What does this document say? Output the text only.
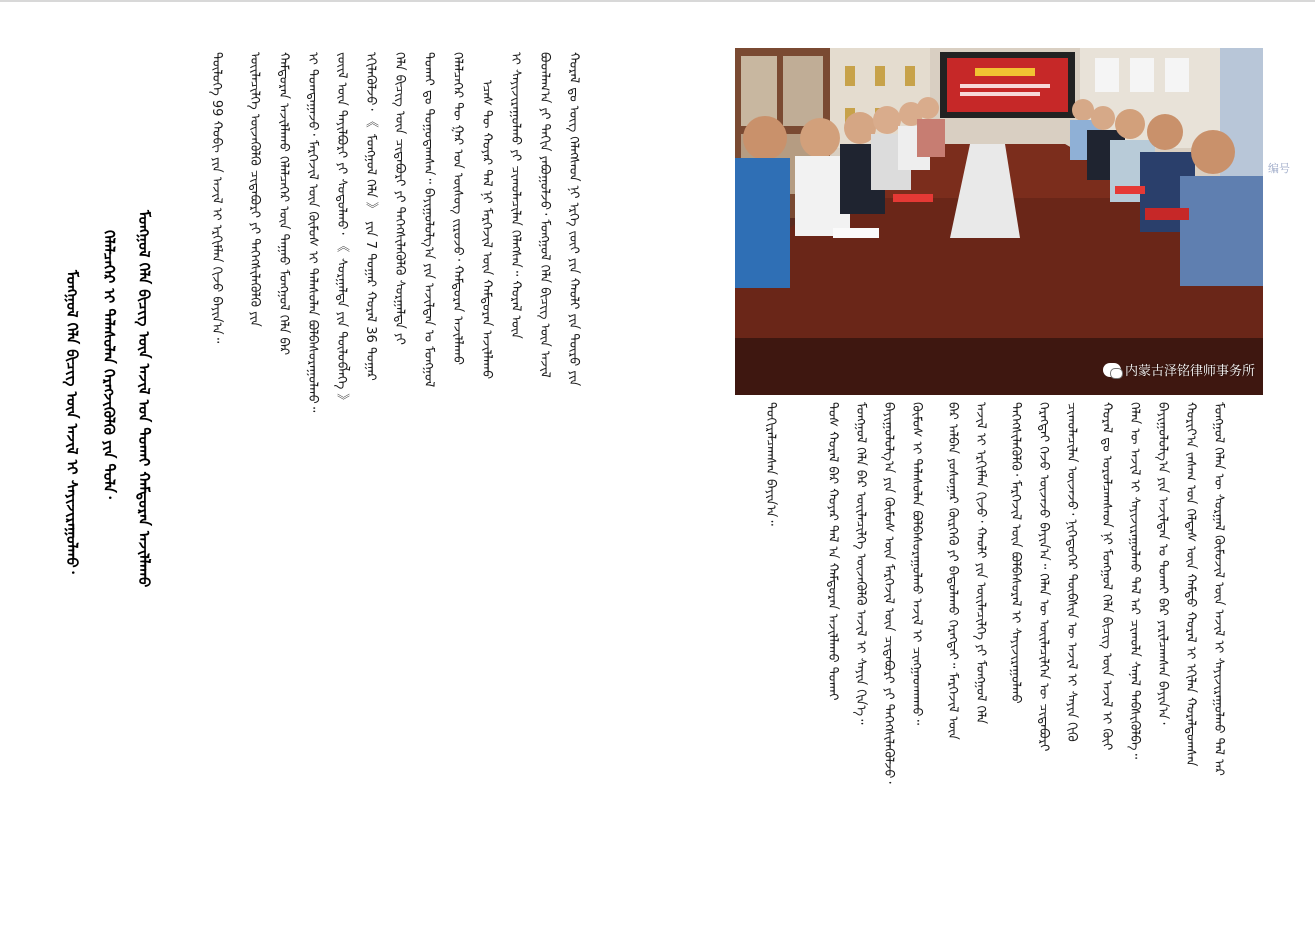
ᠬᠤᠷᠠᠯ ᠳᠤ ᠦᠭ ᠬᠡᠯᠡᠭᠰᠡᠳ ᠨᠢ ᠡᠷᠬᠡ ᠵᠦᠢ ᠶᠢᠨ ᠬᠠᠤᠯᠢ ᠶᠢᠨ ᠲᠦᠷᠦ ᠶᠢᠨ
ᠪᠣᠳᠯᠠᠭ᠎ᠠ ᠶᠢ ᠲᠡᠬᠢᠨ ᠶᠠᠪᠤᠭᠤᠯᠵᠤ᠂ ᠮᠣᠩᠭᠣᠯ ᠬᠡᠯᠡ ᠪᠢᠴᠢᠭ ᠦᠨ ᠠᠵᠢᠯ
ᠢ ᠰᠠᠶᠢᠵᠢᠷᠠᠭᠤᠯᠬᠤ ᠶᠢ ᠴᠢᠬᠤᠯᠠᠴᠢᠯᠠᠨ ᠬᠡᠯᠡᠭᠰᠡᠨ᠃ ᠬᠤᠷᠠᠯ ᠦᠨ
ᠡᠴᠡᠰ ᠲᠦ ᠬᠣᠶᠠᠷ ᠲᠠᠯ ᠨᠢ ᠮᠡᠷᠭᠡᠵᠢᠯ ᠦᠨ ᠬᠠᠮᠲᠤᠷᠠᠨ ᠠᠵᠢᠯᠯᠠᠬᠤ
ᠬᠡᠯᠡᠯᠴᠡᠭᠡᠷ ᠲᠦ ᠭᠠᠷ ᠤᠨ ᠦᠰᠦᠭ ᠵᠢᠷᠤᠵᠤ᠂ ᠬᠠᠮᠲᠤᠷᠠᠨ ᠠᠵᠢᠯᠯᠠᠬᠤ
ᠲᠤᠬᠠᠢ ᠳᠤ ᠳᠤᠭᠤᠳᠠᠭᠰᠠᠨ᠃ ᠪᠠᠶᠢᠭᠤᠯᠤᠯᠭ᠎ᠠ ᠶᠢᠨ ᠠᠵᠢᠯᠲᠠᠨ ᠤ ᠮᠣᠩᠭᠣᠯ
ᠬᠡᠯᠡ ᠪᠢᠴᠢᠭ ᠦᠨ ᠴᠢᠳᠠᠪᠦᠷᠢ ᠶᠢ ᠳᠡᠭᠡᠭᠰᠢᠯᠡᠭᠦᠯᠬᠦ ᠰᠤᠷᠭᠠᠯᠲᠠ ᠶᠢ
ᠡᠬᠢᠯᠡᠭᠦᠯᠵᠦ᠂ 《 ᠮᠣᠩᠭᠣᠯ ᠬᠡᠯᠡ 》 ᠶᠢᠨ 7 ᠳᠤᠭᠠᠷ ᠬᠤᠷᠠᠯ 36 ᠳᠤᠭᠠᠷ
ᠵᠦᠢᠯ ᠦᠨ ᠲᠠᠶᠢᠯᠪᠤᠷᠢ ᠶᠢ ᠰᠤᠳᠤᠯᠬᠤ᠂ 《 ᠰᠤᠷᠭᠠᠯᠲᠠ ᠶᠢᠨ ᠲᠥᠯᠥᠪᠯᠡᠭᠡ 》
ᠢ ᠲᠣᠭᠲᠠᠭᠠᠵᠤ᠂ ᠮᠡᠷᠭᠡᠵᠢᠯ ᠦᠨ ᠬᠦᠮᠦᠰ ᠢ ᠲᠠᠯᠠᠰᠤᠯᠠᠨ ᠪᠣᠯᠪᠠᠰᠤᠷᠠᠭᠤᠯᠬᠤ᠃
ᠬᠠᠮᠲᠤᠷᠠᠨ ᠠᠵᠢᠯᠯᠠᠬᠤ ᠬᠡᠯᠡᠯᠴᠡᠭᠡᠷ ᠦᠨ ᠳᠠᠭᠠᠤ ᠮᠣᠩᠭᠣᠯ ᠬᠡᠯᠡ ᠪᠡᠷ
ᠦᠢᠯᠡᠴᠢᠯᠭᠡ ᠦᠵᠡᠭᠦᠯᠬᠦ ᠴᠢᠳᠠᠪᠦᠷᠢ ᠶᠢ ᠳᠡᠭᠡᠭᠰᠢᠯᠡᠭᠦᠯᠬᠦ ᠶᠢᠨ
ᠲᠥᠯᠥᠭᠡ 99 ᠬᠤᠪᠢ ᠶᠢᠨ ᠠᠵᠢᠯ ᠢ ᠡᠷᠬᠢᠮᠯᠡᠨ ᠬᠢᠵᠦ ᠪᠠᠶᠢᠨ᠎ᠠ᠃
ᠮᠣᠩᠭᠣᠯ ᠬᠡᠯᠡ ᠪᠢᠴᠢᠭ ᠦᠨ ᠠᠵᠢᠯ ᠤᠨ ᠲᠤᠬᠠᠢ ᠬᠠᠮᠲᠤᠷᠠᠨ ᠠᠵᠢᠯᠯᠠᠬᠤ
ᠬᠡᠯᠡᠯᠴᠡᠭᠡᠷ ᠢ ᠲᠠᠯᠠᠰᠤᠯᠠᠨ ᠬᠡᠷᠡᠭᠵᠢᠭᠦᠯᠬᠦ ᠶᠢᠨ ᠲᠤᠯᠠ᠂
ᠮᠣᠩᠭᠣᠯ ᠬᠡᠯᠡ ᠪᠢᠴᠢᠭ ᠦᠨ ᠠᠵᠢᠯ ᠢ ᠰᠠᠶᠢᠵᠢᠷᠠᠭᠤᠯᠬᠤ᠂	内蒙古泽铭律师事务所
编号
ᠮᠣᠩᠭᠣᠯ ᠬᠡᠯᠡᠨ ᠦ ᠰᠤᠷᠭᠠᠯ ᠬᠦᠮᠦᠵᠢᠯ ᠦᠨ ᠠᠵᠢᠯ ᠢ ᠰᠠᠶᠢᠵᠢᠷᠠᠭᠤᠯᠬᠤ ᠲᠠᠯ ᠠᠷ
ᠬᠣᠷᠢᠶ᠎ᠠ ᠵᠠᠰᠠᠭ ᠤᠨ ᠬᠡᠯᠲᠡᠰ ᠦᠨ ᠬᠠᠮᠲᠤ ᠬᠤᠷᠠᠯ ᠢ ᠡᠬᠢᠯᠡᠨ ᠬᠤᠷᠠᠯᠳᠤᠭᠰᠠᠨ
ᠪᠠᠶᠢᠭᠤᠯᠤᠯᠭ᠎ᠠ ᠶᠢᠨ ᠠᠵᠢᠯᠲᠠᠨ ᠤ ᠲᠤᠬᠠᠢ ᠪᠠᠷ ᠶᠠᠷᠢᠯᠴᠠᠭᠰᠠᠨ ᠪᠠᠶᠢᠨ᠎ᠠ᠂
ᠬᠡᠯᠡᠨ ᠦ ᠠᠵᠢᠯ ᠢ ᠰᠠᠶᠢᠵᠢᠷᠠᠭᠤᠯᠬᠤ ᠲᠠᠯ ᠠᠷ ᠴᠢᠬᠤᠯᠠ ᠰᠠᠨᠠᠯ ᠳᠡᠪᠰᠢᠭᠦᠯᠪᠡ᠃
ᠬᠤᠷᠠᠯ ᠳᠤ ᠣᠷᠤᠯᠴᠠᠭᠰᠠᠳ ᠨᠢ ᠮᠣᠩᠭᠣᠯ ᠬᠡᠯᠡ ᠪᠢᠴᠢᠭ ᠦᠨ ᠠᠵᠢᠯ ᠢ ᠬᠦᠢ
ᠴᠢᠬᠤᠯᠠᠴᠢᠯᠠᠨ ᠦᠵᠡᠵᠦ᠂ ᠨᠢᠭᠡᠳᠦᠭᠡᠷ ᠲᠦᠪᠰᠢᠨ ᠦ ᠠᠵᠢᠯ ᠢ ᠰᠠᠶᠢᠨ ᠬᠢᠬᠦ
ᠬᠡᠷᠡᠭᠲᠡᠶ ᠭᠡᠵᠦ ᠦᠵᠡᠵᠦ ᠪᠠᠶᠢᠨ᠎ᠠ᠃ ᠬᠡᠯᠡᠨ ᠦ ᠦᠢᠯᠡᠴᠢᠯᠭᠡᠨ ᠦ ᠴᠢᠳᠠᠪᠦᠷᠢ
ᠳᠡᠭᠡᠭᠰᠢᠯᠡᠭᠦᠯᠬᠦ᠂ ᠮᠡᠷᠭᠡᠵᠢᠯ ᠦᠨ ᠪᠣᠯᠪᠠᠰᠤᠷᠠᠯ ᠢ ᠰᠠᠶᠢᠵᠢᠷᠠᠭᠤᠯᠬᠤ
ᠠᠵᠢᠯ ᠢ ᠡᠷᠬᠢᠮᠯᠡᠨ ᠬᠢᠵᠦ᠂ ᠬᠠᠤᠯᠢ ᠶᠢᠨ ᠦᠢᠯᠡᠴᠢᠯᠭᠡ ᠶᠢ ᠮᠣᠩᠭᠣᠯ ᠬᠡᠯᠡ
ᠪᠡᠷ ᠠᠯᠪᠠᠨ ᠶᠣᠰᠣᠭᠠᠷ ᠬᠦᠷᠭᠡᠬᠦ ᠶᠢ ᠪᠠᠲᠤᠯᠠᠬᠤ ᠬᠡᠷᠡᠭᠲᠡᠶ᠃ ᠮᠡᠷᠭᠡᠵᠢᠯ ᠦᠨ
ᠬᠦᠮᠦᠰ ᠢ ᠲᠠᠯᠠᠰᠤᠯᠠᠨ ᠪᠣᠯᠪᠠᠰᠤᠷᠠᠭᠤᠯᠬᠤ ᠠᠵᠢᠯ ᠢ ᠴᠢᠩᠭᠠᠳᠬᠠᠬᠤ᠃
ᠪᠠᠶᠢᠭᠤᠯᠤᠯᠭ᠎ᠠ ᠶᠢᠨ ᠬᠦᠮᠦᠰ ᠦᠨ ᠮᠡᠷᠭᠡᠵᠢᠯ ᠦᠨ ᠴᠢᠳᠠᠪᠦᠷᠢ ᠶᠢ ᠳᠡᠭᠡᠭᠰᠢᠯᠡᠭᠦᠯᠵᠦ᠂
ᠮᠣᠩᠭᠣᠯ ᠬᠡᠯᠡ ᠪᠡᠷ ᠦᠢᠯᠡᠴᠢᠯᠭᠡ ᠦᠵᠡᠭᠦᠯᠬᠦ ᠠᠵᠢᠯ ᠢ ᠰᠠᠶᠢᠨ ᠬᠢᠨ᠎ᠡ᠃
ᠲᠤᠰ ᠬᠤᠷᠠᠯ ᠪᠠᠷ ᠬᠣᠶᠠᠷ ᠲᠠᠯ ᠠ ᠬᠠᠮᠲᠤᠷᠠᠨ ᠠᠵᠢᠯᠯᠠᠬᠤ ᠲᠤᠬᠠᠢ
ᠲᠣᠬᠢᠷᠠᠯᠴᠠᠭᠰᠠᠨ ᠪᠠᠶᠢᠨ᠎ᠠ᠃
